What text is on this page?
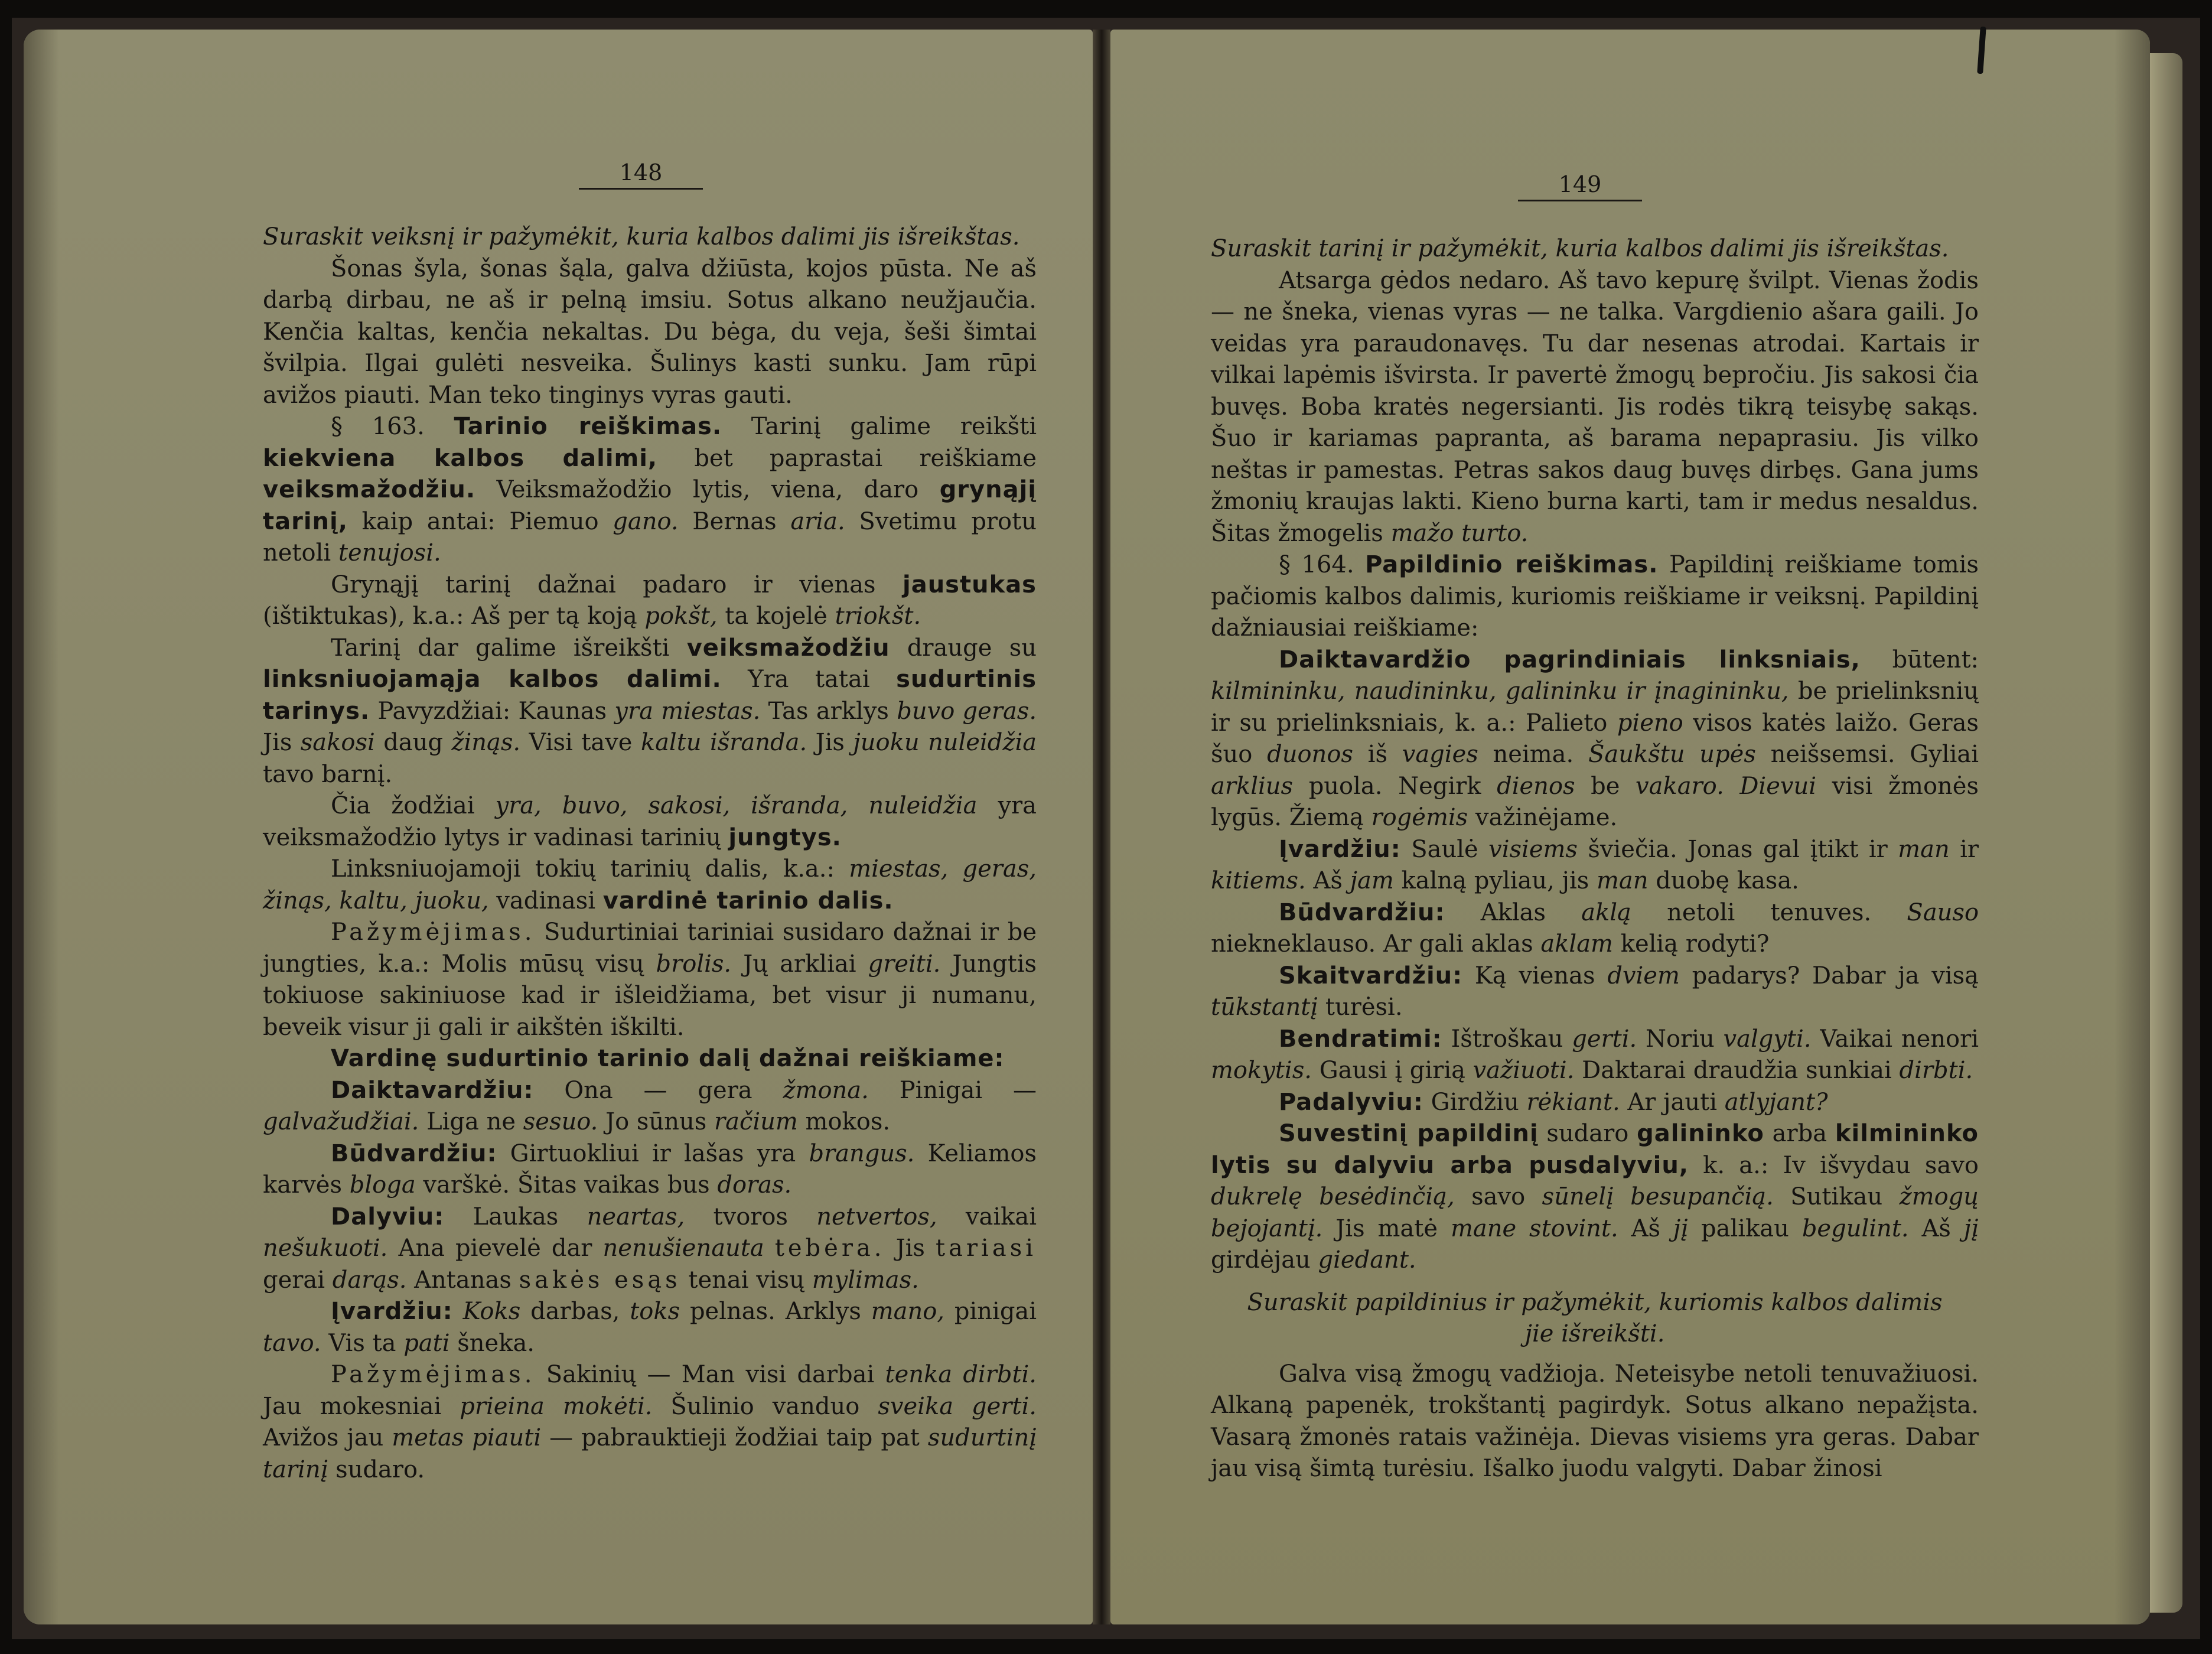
148

Suraskit veiksnį ir pažymėkit, kuria kalbos dalimi jis išreikštas.

Šonas šyla, šonas šąla, galva džiūsta, kojos pūsta. Ne aš darbą dirbau, ne aš ir pelną imsiu. Sotus alkano neužjaučia. Kenčia kaltas, kenčia nekaltas. Du bėga, du veja, šeši šimtai švilpia. Ilgai gulėti nesveika. Šulinys kasti sunku. Jam rūpi avižos piauti. Man teko tinginys vyras gauti.

§ 163. Tarinio reiškimas. Tarinį galime reikšti kiekviena kalbos dalimi, bet paprastai reiškiame veiksmažodžiu. Veiksmažodžio lytis, viena, daro grynąjį tarinį, kaip antai: Piemuo gano. Bernas aria. Svetimu protu netoli tenujosi.

Grynąjį tarinį dažnai padaro ir vienas jaustukas (ištiktukas), k.a.: Aš per tą koją pokšt, ta kojelė triokšt.

Tarinį dar galime išreikšti veiksmažodžiu drauge su linksniuojamąja kalbos dalimi. Yra tatai sudurtinis tarinys. Pavyzdžiai: Kaunas yra miestas. Tas arklys buvo geras. Jis sakosi daug žinąs. Visi tave kaltu išranda. Jis juoku nuleidžia tavo barnį.

Čia žodžiai yra, buvo, sakosi, išranda, nuleidžia yra veiksmažodžio lytys ir vadinasi tarinių jungtys.

Linksniuojamoji tokių tarinių dalis, k.a.: miestas, geras, žinąs, kaltu, juoku, vadinasi vardinė tarinio dalis.

Pažymėjimas. Sudurtiniai tariniai susidaro dažnai ir be jungties, k.a.: Molis mūsų visų brolis. Jų arkliai greiti. Jungtis tokiuose sakiniuose kad ir išleidžiama, bet visur ji numanu, beveik visur ji gali ir aikštėn iškilti.

Vardinę sudurtinio tarinio dalį dažnai reiškiame:

Daiktavardžiu: Ona — gera žmona. Pinigai — galvažudžiai. Liga ne sesuo. Jo sūnus račium mokos.

Būdvardžiu: Girtuokliui ir lašas yra brangus. Keliamos karvės bloga varškė. Šitas vaikas bus doras.

Dalyviu: Laukas neartas, tvoros netvertos, vaikai nešukuoti. Ana pievelė dar nenušienauta tebėra. Jis tariasi gerai darąs. Antanas sakės esąs tenai visų mylimas.

Įvardžiu: Koks darbas, toks pelnas. Arklys mano, pinigai tavo. Vis ta pati šneka.

Pažymėjimas. Sakinių — Man visi darbai tenka dirbti. Jau mokesniai prieina mokėti. Šulinio vanduo sveika gerti. Avižos jau metas piauti — pabrauktieji žodžiai taip pat sudurtinį tarinį sudaro.

149

Suraskit tarinį ir pažymėkit, kuria kalbos dalimi jis išreikštas.

Atsarga gėdos nedaro. Aš tavo kepurę švilpt. Vienas žodis — ne šneka, vienas vyras — ne talka. Vargdienio ašara gaili. Jo veidas yra paraudonavęs. Tu dar nesenas atrodai. Kartais ir vilkai lapėmis išvirsta. Ir pavertė žmogų bepročiu. Jis sakosi čia buvęs. Boba kratės negersianti. Jis rodės tikrą teisybę sakąs. Šuo ir kariamas papranta, aš barama nepaprasiu. Jis vilko neštas ir pamestas. Petras sakos daug buvęs dirbęs. Gana jums žmonių kraujas lakti. Kieno burna karti, tam ir medus nesaldus. Šitas žmogelis mažo turto.

§ 164. Papildinio reiškimas. Papildinį reiškiame tomis pačiomis kalbos dalimis, kuriomis reiškiame ir veiksnį. Papildinį dažniausiai reiškiame:

Daiktavardžio pagrindiniais linksniais, būtent: kilmininku, naudininku, galininku ir įnagininku, be prielinksnių ir su prielinksniais, k. a.: Palieto pieno visos katės laižo. Geras šuo duonos iš vagies neima. Šaukštu upės neišsemsi. Gyliai arklius puola. Negirk dienos be vakaro. Dievui visi žmonės lygūs. Žiemą rogėmis važinėjame.

Įvardžiu: Saulė visiems šviečia. Jonas gal įtikt ir man ir kitiems. Aš jam kalną pyliau, jis man duobę kasa.

Būdvardžiu: Aklas aklą netoli tenuves. Sauso niekneklauso. Ar gali aklas aklam kelią rodyti?

Skaitvardžiu: Ką vienas dviem padarys? Dabar ja visą tūkstantį turėsi.

Bendratimi: Ištroškau gerti. Noriu valgyti. Vaikai nenori mokytis. Gausi į girią važiuoti. Daktarai draudžia sunkiai dirbti.

Padalyviu: Girdžiu rėkiant. Ar jauti atlyjant?

Suvestinį papildinį sudaro galininko arba kilmininko lytis su dalyviu arba pusdalyviu, k. a.: Iv išvydau savo dukrelę besėdinčią, savo sūnelį besupančią. Sutikau žmogų bejojantį. Jis matė mane stovint. Aš jį palikau begulint. Aš jį girdėjau giedant.

Suraskit papildinius ir pažymėkit, kuriomis kalbos dalimis jie išreikšti.

Galva visą žmogų vadžioja. Neteisybe netoli tenuvažiuosi. Alkaną papenėk, trokštantį pagirdyk. Sotus alkano nepažįsta. Vasarą žmonės ratais važinėja. Dievas visiems yra geras. Dabar jau visą šimtą turėsiu. Išalko juodu valgyti. Dabar žinosi
